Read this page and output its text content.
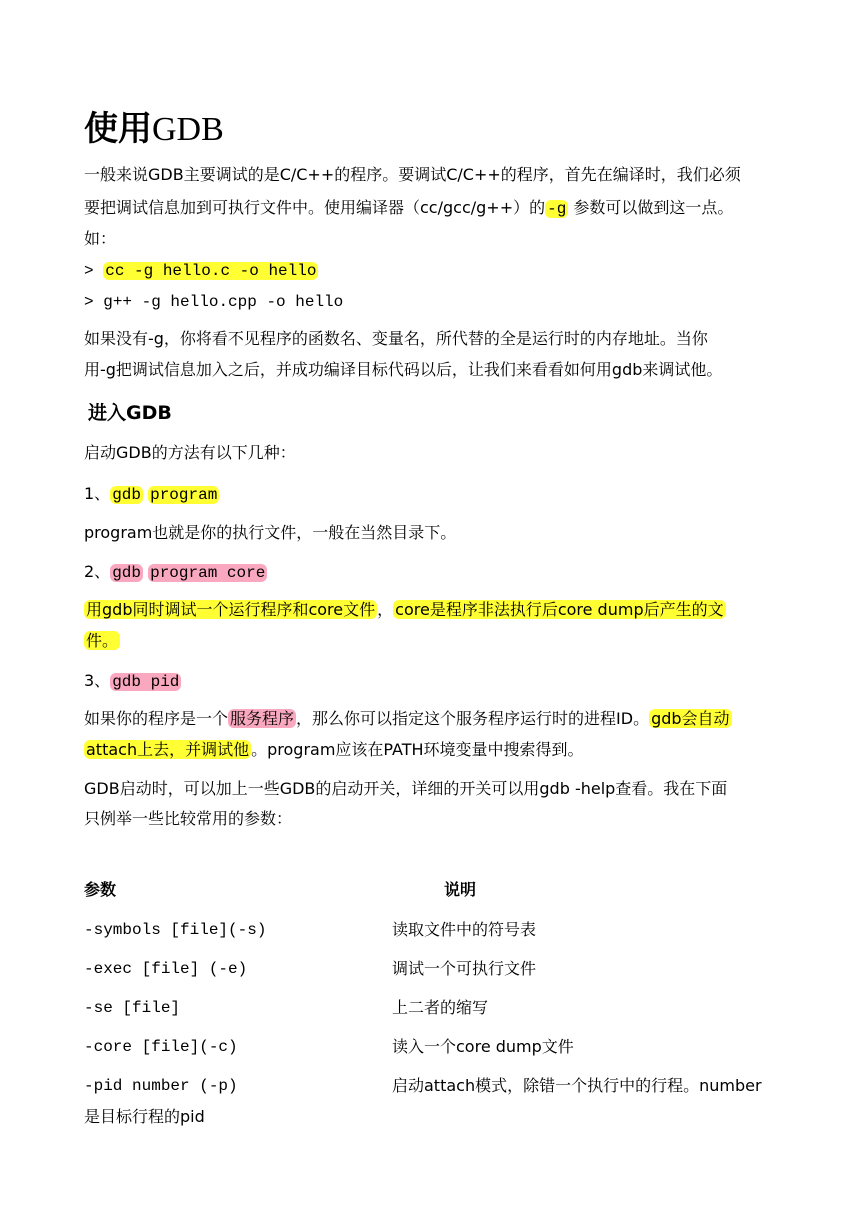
使用GDB
一般来说GDB主要调试的是C/C++的程序。要调试C/C++的程序，首先在编译时，我们必须
要把调试信息加到可执行文件中。使用编译器（cc/gcc/g++）的 -g 参数可以做到这一点。
如：
> cc -g hello.c -o hello
> g++ -g hello.cpp -o hello
如果没有-g，你将看不见程序的函数名、变量名，所代替的全是运行时的内存地址。当你
用-g把调试信息加入之后，并成功编译目标代码以后，让我们来看看如何用gdb来调试他。
进入GDB
启动GDB的方法有以下几种：
1、 gdb program
program也就是你的执行文件，一般在当然目录下。
2、 gdb program core
用gdb同时调试一个运行程序和core文件 ， core是程序非法执行后core dump后产生的文
件。
3、 gdb pid
如果你的程序是一个 服务程序 ，那么你可以指定这个服务程序运行时的进程ID。 gdb会自动
attach上去，并调试他 。program应该在PATH环境变量中搜索得到。
GDB启动时，可以加上一些GDB的启动开关，详细的开关可以用gdb -help查看。我在下面
只例举一些比较常用的参数：
参数	说明
-symbols [file](-s)	读取文件中的符号表
-exec [file] (-e)	调试一个可执行文件
-se [file]	上二者的缩写
-core [file](-c)	读入一个core dump文件
-pid number (-p)	启动attach模式，除错一个执行中的行程。number
是目标行程的pid
